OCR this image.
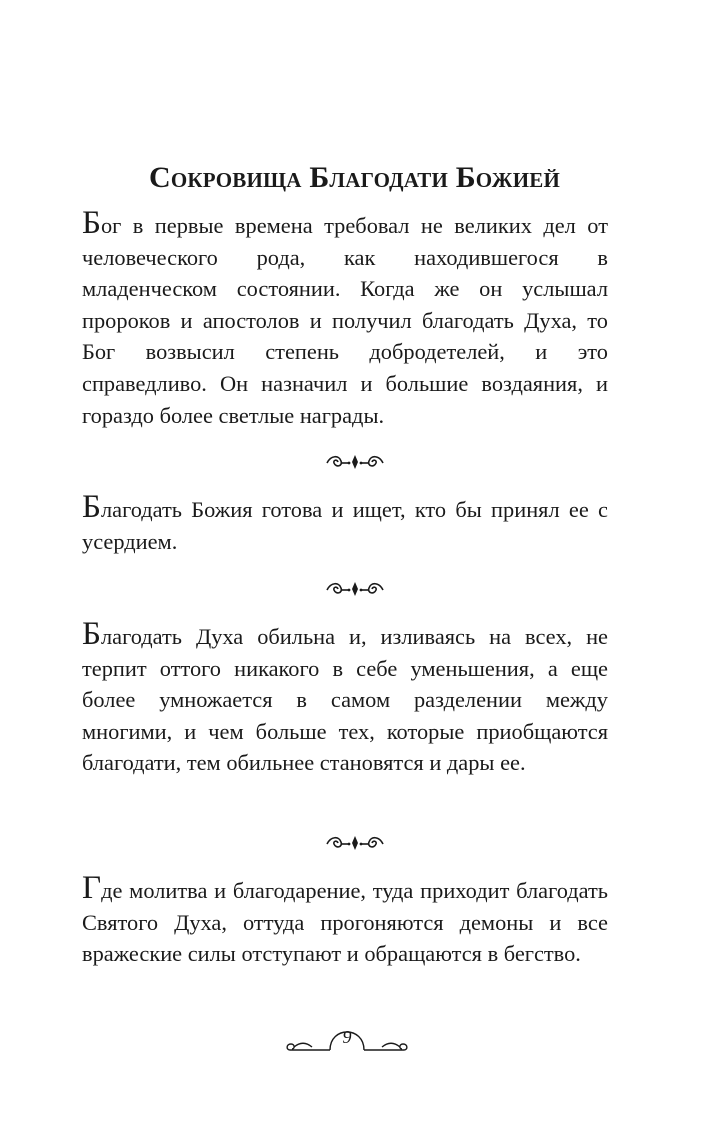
Сокровища Благодати Божией

Бог в первые времена требовал не великих дел от человеческого рода, как находившегося в младенческом состоянии. Когда же он услышал пророков и апостолов и получил благодать Духа, то Бог возвысил степень добродетелей, и это справедливо. Он назначил и большие воздаяния, и гораздо более светлые награды.

Благодать Божия готова и ищет, кто бы принял ее с усердием.

Благодать Духа обильна и, изливаясь на всех, не терпит оттого никакого в себе уменьшения, а еще более умножается в самом разделении между многими, и чем больше тех, которые приобщаются благодати, тем обильнее становятся и дары ее.

Где молитва и благодарение, туда приходит благодать Святого Духа, оттуда прогоняются демоны и все вражеские силы отступают и обращаются в бегство.

9
